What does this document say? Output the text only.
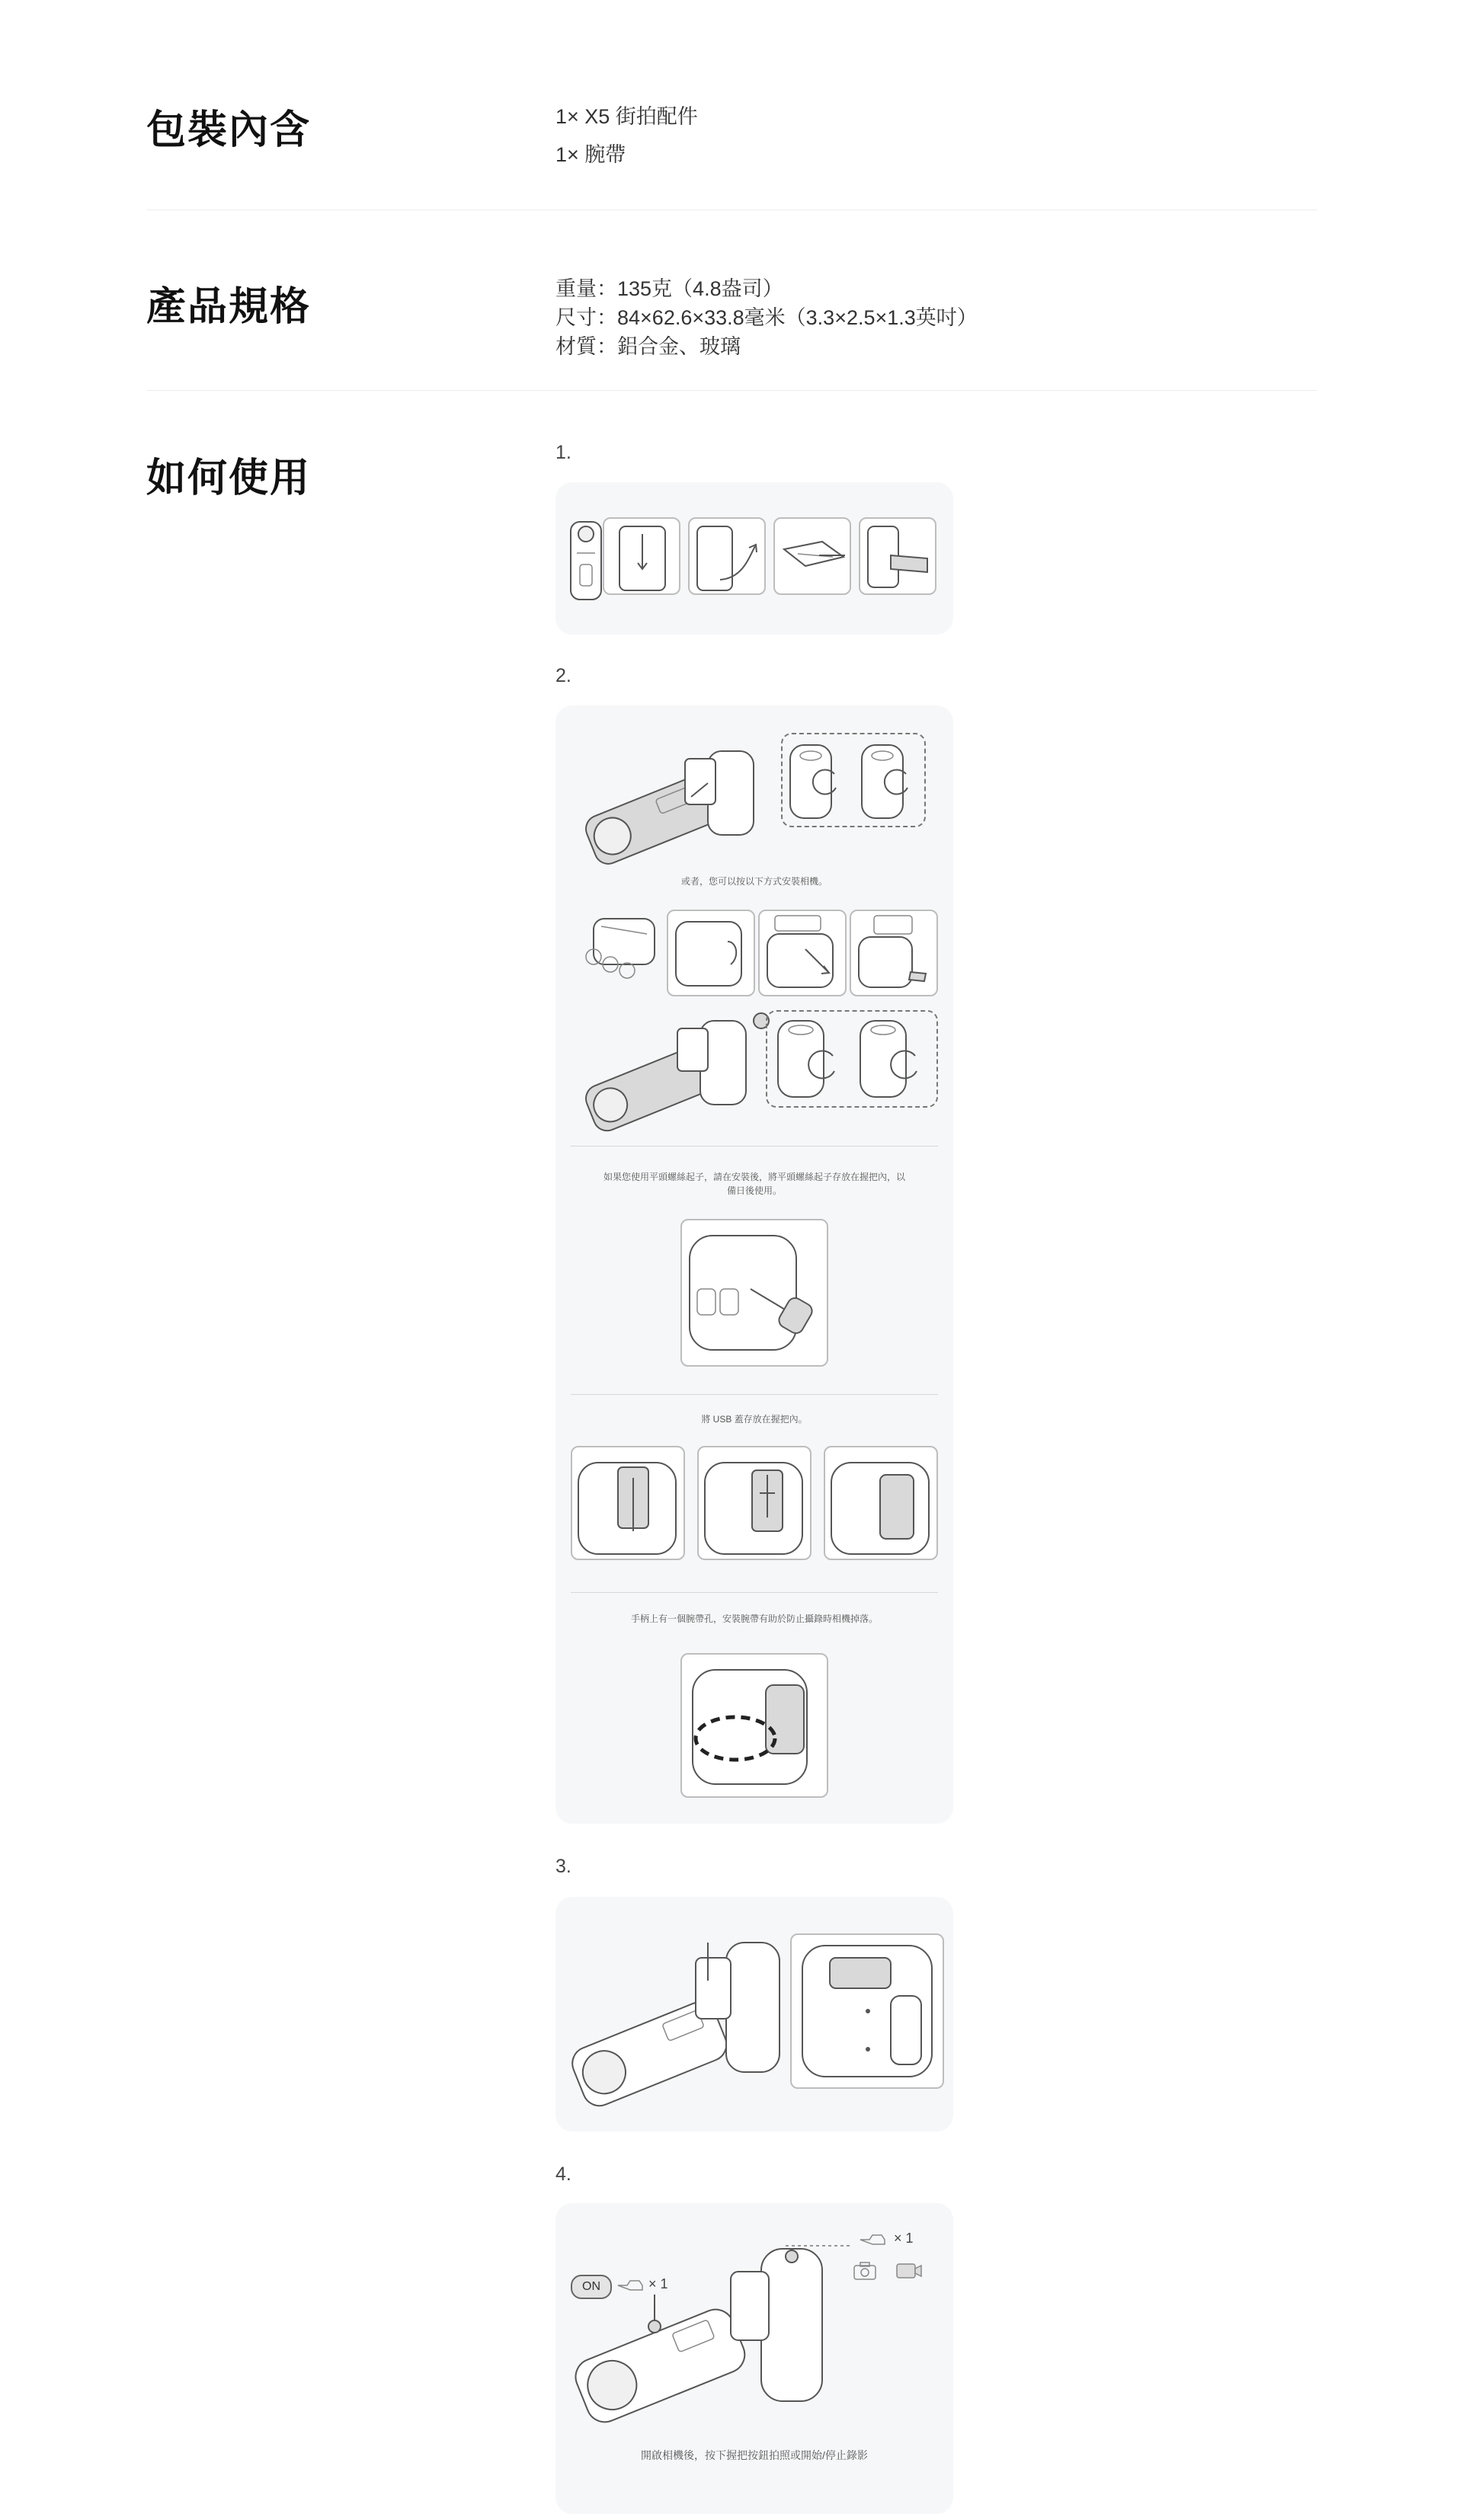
包裝內含	1× X5 街拍配件
1× 腕帶
產品規格	重量：135克（4.8盎司）
尺寸：84×62.6×33.8毫米（3.3×2.5×1.3英吋）
材質：鋁合金、玻璃
如何使用
1.
2.
或者，您可以按以下方式安裝相機。
如果您使用平頭螺絲起子，請在安裝後，將平頭螺絲起子存放在握把內，以備日後使用。
將 USB 蓋存放在握把內。
手柄上有一個腕帶孔，安裝腕帶有助於防止攝錄時相機掉落。
3.
4.
ON	× 1
× 1
開啟相機後，按下握把按鈕拍照或開始/停止錄影
